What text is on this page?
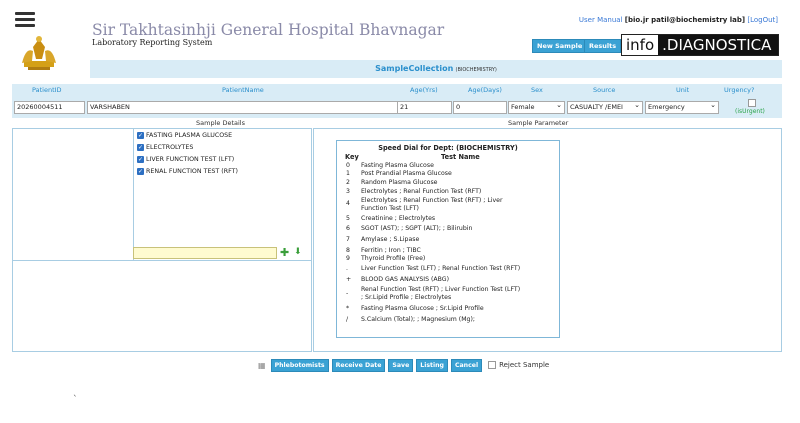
Sir Takhtasinhji General Hospital Bhavnagar
Laboratory Reporting System
User Manual [bio.jr patil@biochemistry lab] [LogOut]
New Sample	Results info .DIAGNOSTICA
SampleCollection (BIOCHEMISTRY)
PatientID	PatientName	Age(Yrs)	Age(Days)	Sex	Source	Unit	Urgency?
20260004511	VARSHABEN	21	0	Female ⌄	CASUALTY /EMEI ⌄	Emergency ⌄
(isUrgent)
Sample Details	Sample Parameter
✓ FASTING PLASMA GLUCOSE
✓ ELECTROLYTES
✓ LIVER FUNCTION TEST (LFT)
✓ RENAL FUNCTION TEST (RFT)
✚ ⬇
Speed Dial for Dept: (BIOCHEMISTRY)
Key	Test Name
0 Fasting Plasma Glucose
1 Post Prandial Plasma Glucose
2 Random Plasma Glucose
3 Electrolytes ; Renal Function Test (RFT)
4 Electrolytes ; Renal Function Test (RFT) ; Liver
Function Test (LFT)
5 Creatinine ; Electrolytes
6 SGOT (AST); ; SGPT (ALT); ; Bilirubin
7 Amylase ; S.Lipase
8 Ferritin ; Iron ; TIBC
9 Thyroid Profile (Free)
. Liver Function Test (LFT) ; Renal Function Test (RFT)
+ BLOOD GAS ANALYSIS (ABG)
-
Renal Function Test (RFT) ; Liver Function Test (LFT)
; Sr.Lipid Profile ; Electrolytes
* Fasting Plasma Glucose ; Sr.Lipid Profile
/ S.Calcium (Total); ; Magnesium (Mg);
▦	Phlebotomists	Receive Date	Save	Listing	Cancel	Reject Sample
`
